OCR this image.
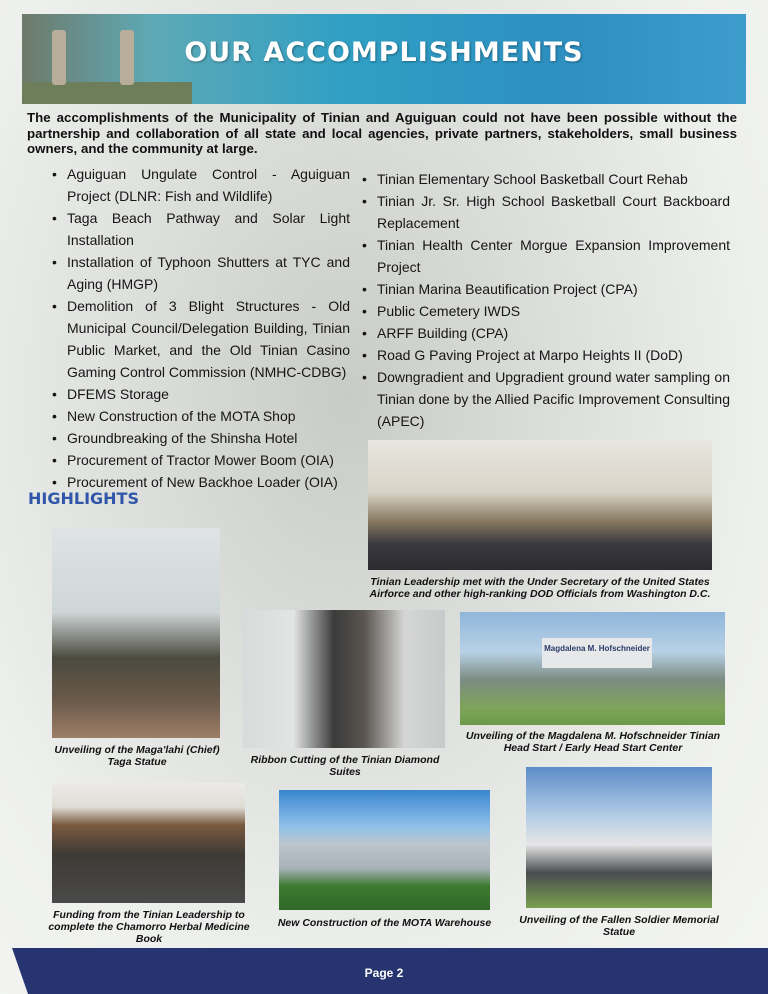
OUR ACCOMPLISHMENTS

The accomplishments of the Municipality of Tinian and Aguiguan could not have been possible without the partnership and collaboration of all state and local agencies, private partners, stakeholders, small business owners, and the community at large.

• Aguiguan Ungulate Control - Aguiguan Project (DLNR: Fish and Wildlife)
• Taga Beach Pathway and Solar Light Installation
• Installation of Typhoon Shutters at TYC and Aging (HMGP)
• Demolition of 3 Blight Structures - Old Municipal Council/Delegation Building, Tinian Public Market, and the Old Tinian Casino Gaming Control Commission (NMHC-CDBG)
• DFEMS Storage
• New Construction of the MOTA Shop
• Groundbreaking of the Shinsha Hotel
• Procurement of Tractor Mower Boom (OIA)
• Procurement of New Backhoe Loader (OIA)
• Tinian Elementary School Basketball Court Rehab
• Tinian Jr. Sr. High School Basketball Court Backboard Replacement
• Tinian Health Center Morgue Expansion Improvement Project
• Tinian Marina Beautification Project (CPA)
• Public Cemetery IWDS
• ARFF Building (CPA)
• Road G Paving Project at Marpo Heights II (DoD)
• Downgradient and Upgradient ground water sampling on Tinian done by the Allied Pacific Improvement Consulting (APEC)
HIGHLIGHTS
Tinian Leadership met with the Under Secretary of the United States Airforce and other high-ranking DOD Officials from Washington D.C.
Unveiling of the Maga'lahi (Chief) Taga Statue	Ribbon Cutting of the Tinian Diamond Suites
Magdalena M. Hofschneider
Unveiling of the Magdalena M. Hofschneider Tinian Head Start / Early Head Start Center
Funding from the Tinian Leadership to complete the Chamorro Herbal Medicine Book
New Construction of the MOTA Warehouse	Unveiling of the Fallen Soldier Memorial Statue
Page 2
